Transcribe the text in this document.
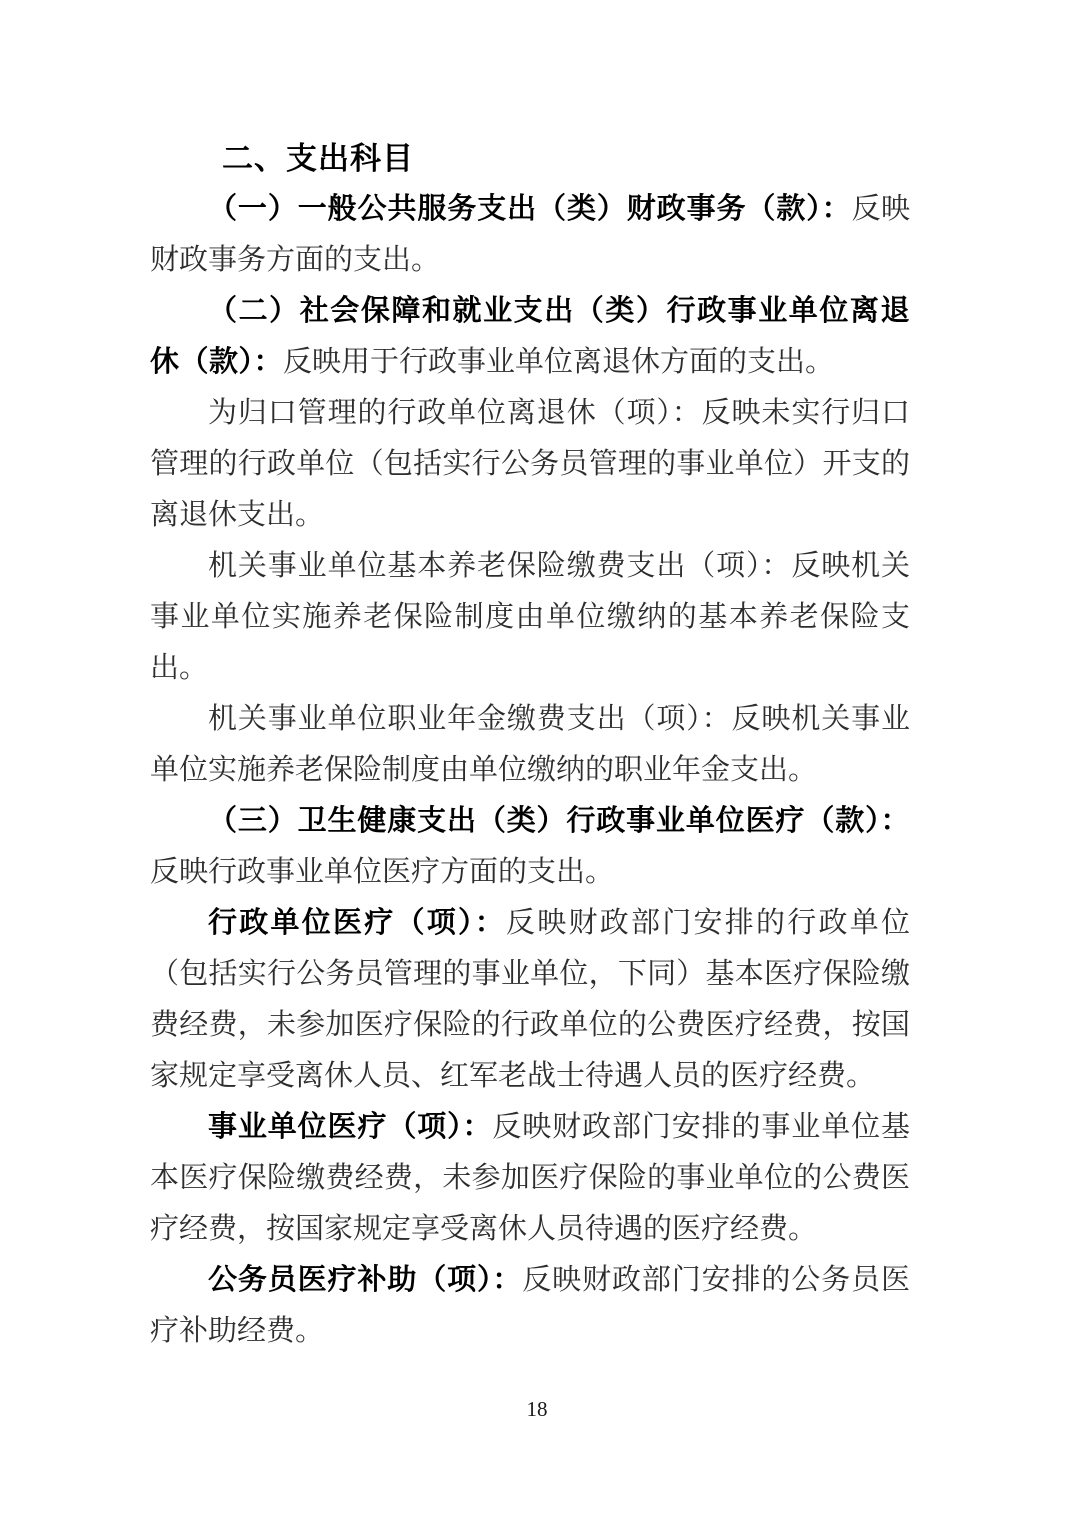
二、支出科目

（一）一般公共服务支出（类）财政事务（款）：反映财政事务方面的支出。

（二）社会保障和就业支出（类）行政事业单位离退休（款）：反映用于行政事业单位离退休方面的支出。

为归口管理的行政单位离退休（项）：反映未实行归口管理的行政单位（包括实行公务员管理的事业单位）开支的离退休支出。

机关事业单位基本养老保险缴费支出（项）：反映机关事业单位实施养老保险制度由单位缴纳的基本养老保险支出。

机关事业单位职业年金缴费支出（项）：反映机关事业单位实施养老保险制度由单位缴纳的职业年金支出。

（三）卫生健康支出（类）行政事业单位医疗（款）：反映行政事业单位医疗方面的支出。

行政单位医疗（项）：反映财政部门安排的行政单位（包括实行公务员管理的事业单位，下同）基本医疗保险缴费经费，未参加医疗保险的行政单位的公费医疗经费，按国家规定享受离休人员、红军老战士待遇人员的医疗经费。

事业单位医疗（项）：反映财政部门安排的事业单位基本医疗保险缴费经费，未参加医疗保险的事业单位的公费医疗经费，按国家规定享受离休人员待遇的医疗经费。

公务员医疗补助（项）：反映财政部门安排的公务员医疗补助经费。

18
